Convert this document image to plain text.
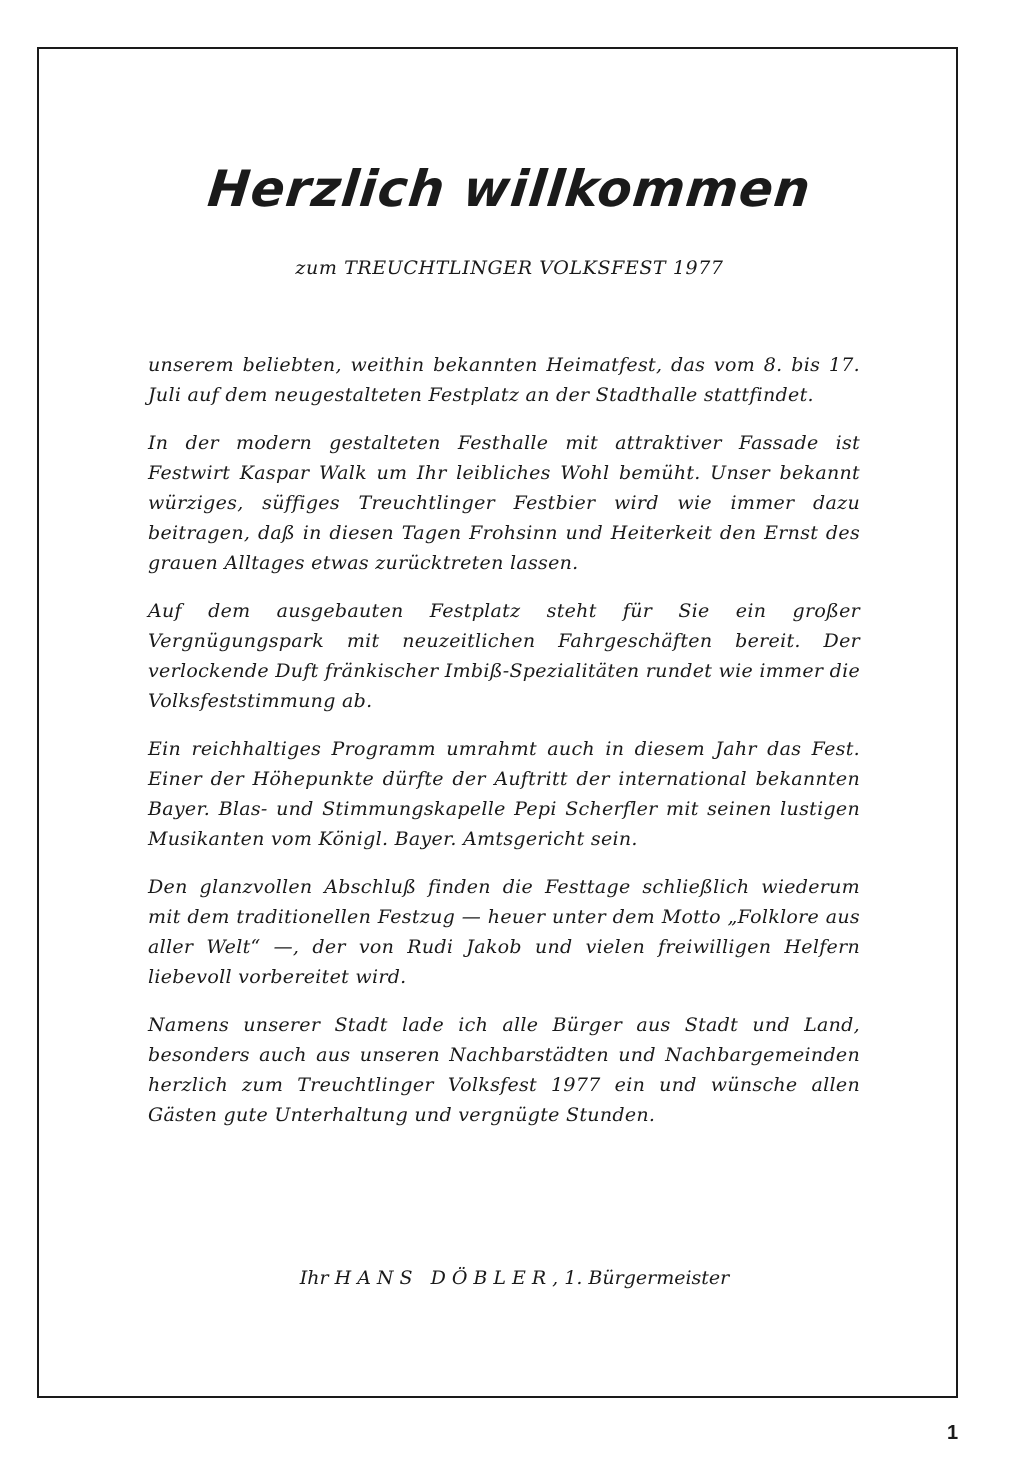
Herzlich willkommen

zum TREUCHTLINGER VOLKSFEST 1977

unserem beliebten, weithin bekannten Heimatfest, das vom 8. bis 17. Juli auf dem neugestalteten Festplatz an der Stadthalle stattfindet.

In der modern gestalteten Festhalle mit attraktiver Fassade ist Festwirt Kaspar Walk um Ihr leibliches Wohl bemüht. Unser bekannt würziges, süffiges Treuchtlinger Festbier wird wie immer dazu beitragen, daß in diesen Tagen Frohsinn und Heiterkeit den Ernst des grauen Alltages etwas zurücktreten lassen.

Auf dem ausgebauten Festplatz steht für Sie ein großer Vergnügungspark mit neuzeitlichen Fahrgeschäften bereit. Der verlockende Duft fränkischer Imbiß-Spezialitäten rundet wie immer die Volksfeststimmung ab.

Ein reichhaltiges Programm umrahmt auch in diesem Jahr das Fest. Einer der Höhepunkte dürfte der Auftritt der international bekannten Bayer. Blas- und Stimmungskapelle Pepi Scherfler mit seinen lustigen Musikanten vom Königl. Bayer. Amtsgericht sein.

Den glanzvollen Abschluß finden die Festtage schließlich wiederum mit dem traditionellen Festzug — heuer unter dem Motto „Folklore aus aller Welt“ —, der von Rudi Jakob und vielen freiwilligen Helfern liebevoll vorbereitet wird.

Namens unserer Stadt lade ich alle Bürger aus Stadt und Land, besonders auch aus unseren Nachbarstädten und Nachbargemeinden herzlich zum Treuchtlinger Volksfest 1977 ein und wünsche allen Gästen gute Unterhaltung und vergnügte Stunden.

Ihr HANS DÖBLER, 1. Bürgermeister

1
